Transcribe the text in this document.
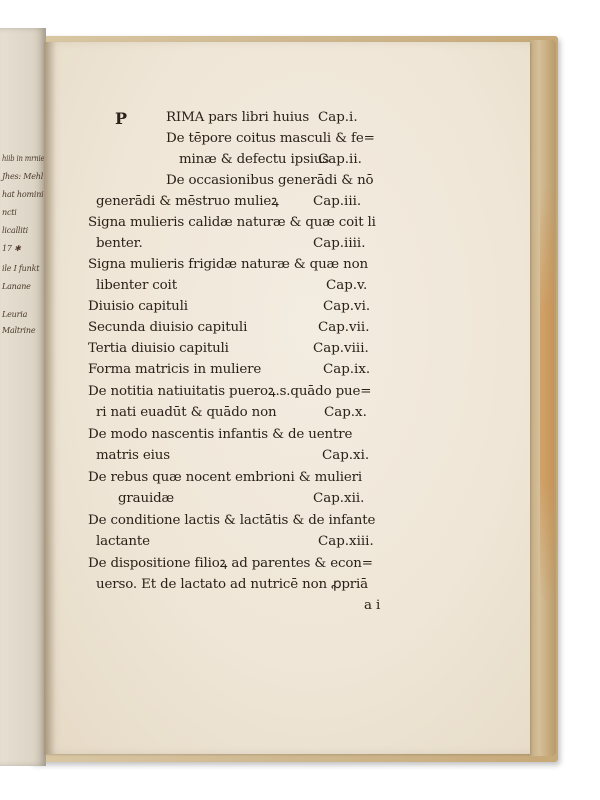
hiib in mrnie
Jhes: Mehl
hat homini
ncti
licalliti
17 ✱
ile I funkt
Lanane
Leuria
Maltrine
P	RIMA pars libri huius Cap.i.
De tēpore coitus masculi & fe=
minæ & defectu ipsius
Cap.ii.
De occasionibus generādi & nō
generādi & mēstruo mulieꝝ	Cap.iii.
Signa mulieris calidæ naturæ & quæ coit li
benter.	Cap.iiii.
Signa mulieris frigidæ naturæ & quæ non
libenter coit	Cap.v.
Diuisio capituli	Cap.vi.
Secunda diuisio capituli	Cap.vii.
Tertia diuisio capituli	Cap.viii.
Forma matricis in muliere	Cap.ix.
De notitia natiuitatis pueroꝝ.s.quādo pue=
ri nati euadūt & quādo non	Cap.x.
De modo nascentis infantis & de uentre
matris eius	Cap.xi.
De rebus quæ nocent embrioni & mulieri
grauidæ	Cap.xii.
De conditione lactis & lactātis & de infante
lactante	Cap.xiii.
De dispositione filioꝝ ad parentes & econ=
uerso. Et de lactato ad nutricē non ꝓpriā
a i
